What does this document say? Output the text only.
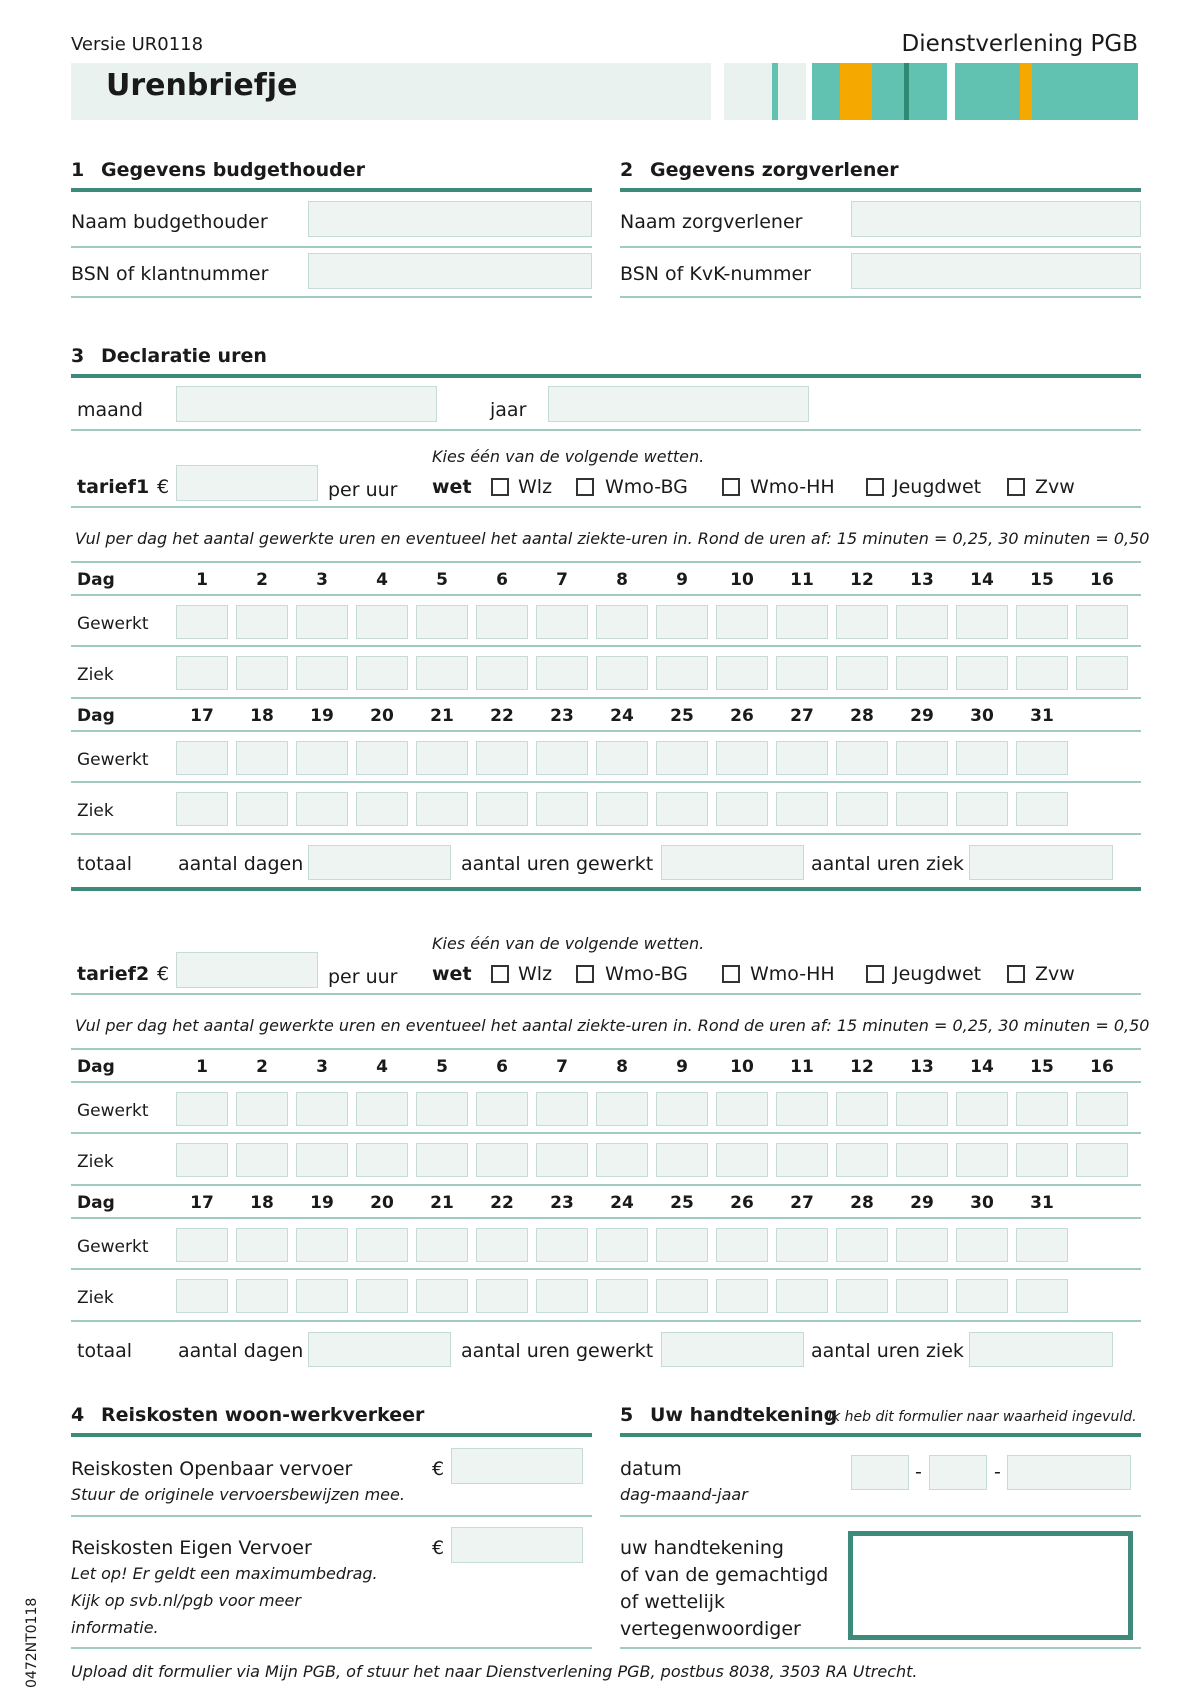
Versie UR0118	Dienstverlening PGB
Urenbriefje
1 Gegevens budgethouder
Naam budgethouder
BSN of klantnummer
2 Gegevens zorgverlener
Naam zorgverlener
BSN of KvK-nummer
3 Declaratie uren
maand	jaar
Kies één van de volgende wetten.
tarief 1 €	per uur wet Wlz	Wmo-BG	Wmo-HH	Jeugdwet	Zvw
Vul per dag het aantal gewerkte uren en eventueel het aantal ziekte-uren in. Rond de uren af: 15 minuten = 0,25, 30 minuten = 0,50
Dag	1	2	3	4	5	6	7	8	9	10	11	12	13	14	15	16
Gewerkt
Ziek
Dag	17	18	19	20	21	22	23	24	25	26	27	28	29	30	31
Gewerkt
Ziek
totaal aantal dagen	aantal uren gewerkt	aantal uren ziek
Kies één van de volgende wetten.
tarief 2 €	per uur wet Wlz	Wmo-BG	Wmo-HH	Jeugdwet	Zvw
Vul per dag het aantal gewerkte uren en eventueel het aantal ziekte-uren in. Rond de uren af: 15 minuten = 0,25, 30 minuten = 0,50
Dag	1	2	3	4	5	6	7	8	9	10	11	12	13	14	15	16
Gewerkt
Ziek
Dag	17	18	19	20	21	22	23	24	25	26	27	28	29	30	31
Gewerkt
Ziek
totaal aantal dagen	aantal uren gewerkt	aantal uren ziek
4 Reiskosten woon-werkverkeer
Reiskosten Openbaar vervoer
Stuur de originele vervoersbewijzen mee.
€
Reiskosten Eigen Vervoer
Let op! Er geldt een maximumbedrag.
Kijk op svb.nl/pgb voor meer
informatie.
€
5 Uw handtekening
Ik heb dit formulier naar waarheid ingevuld.
datum
dag-maand-jaar
-	-
uw handtekening
of van de gemachtigd
of wettelijk
vertegenwoordiger
Upload dit formulier via Mijn PGB, of stuur het naar Dienstverlening PGB, postbus 8038, 3503 RA Utrecht.
0472NT0118
